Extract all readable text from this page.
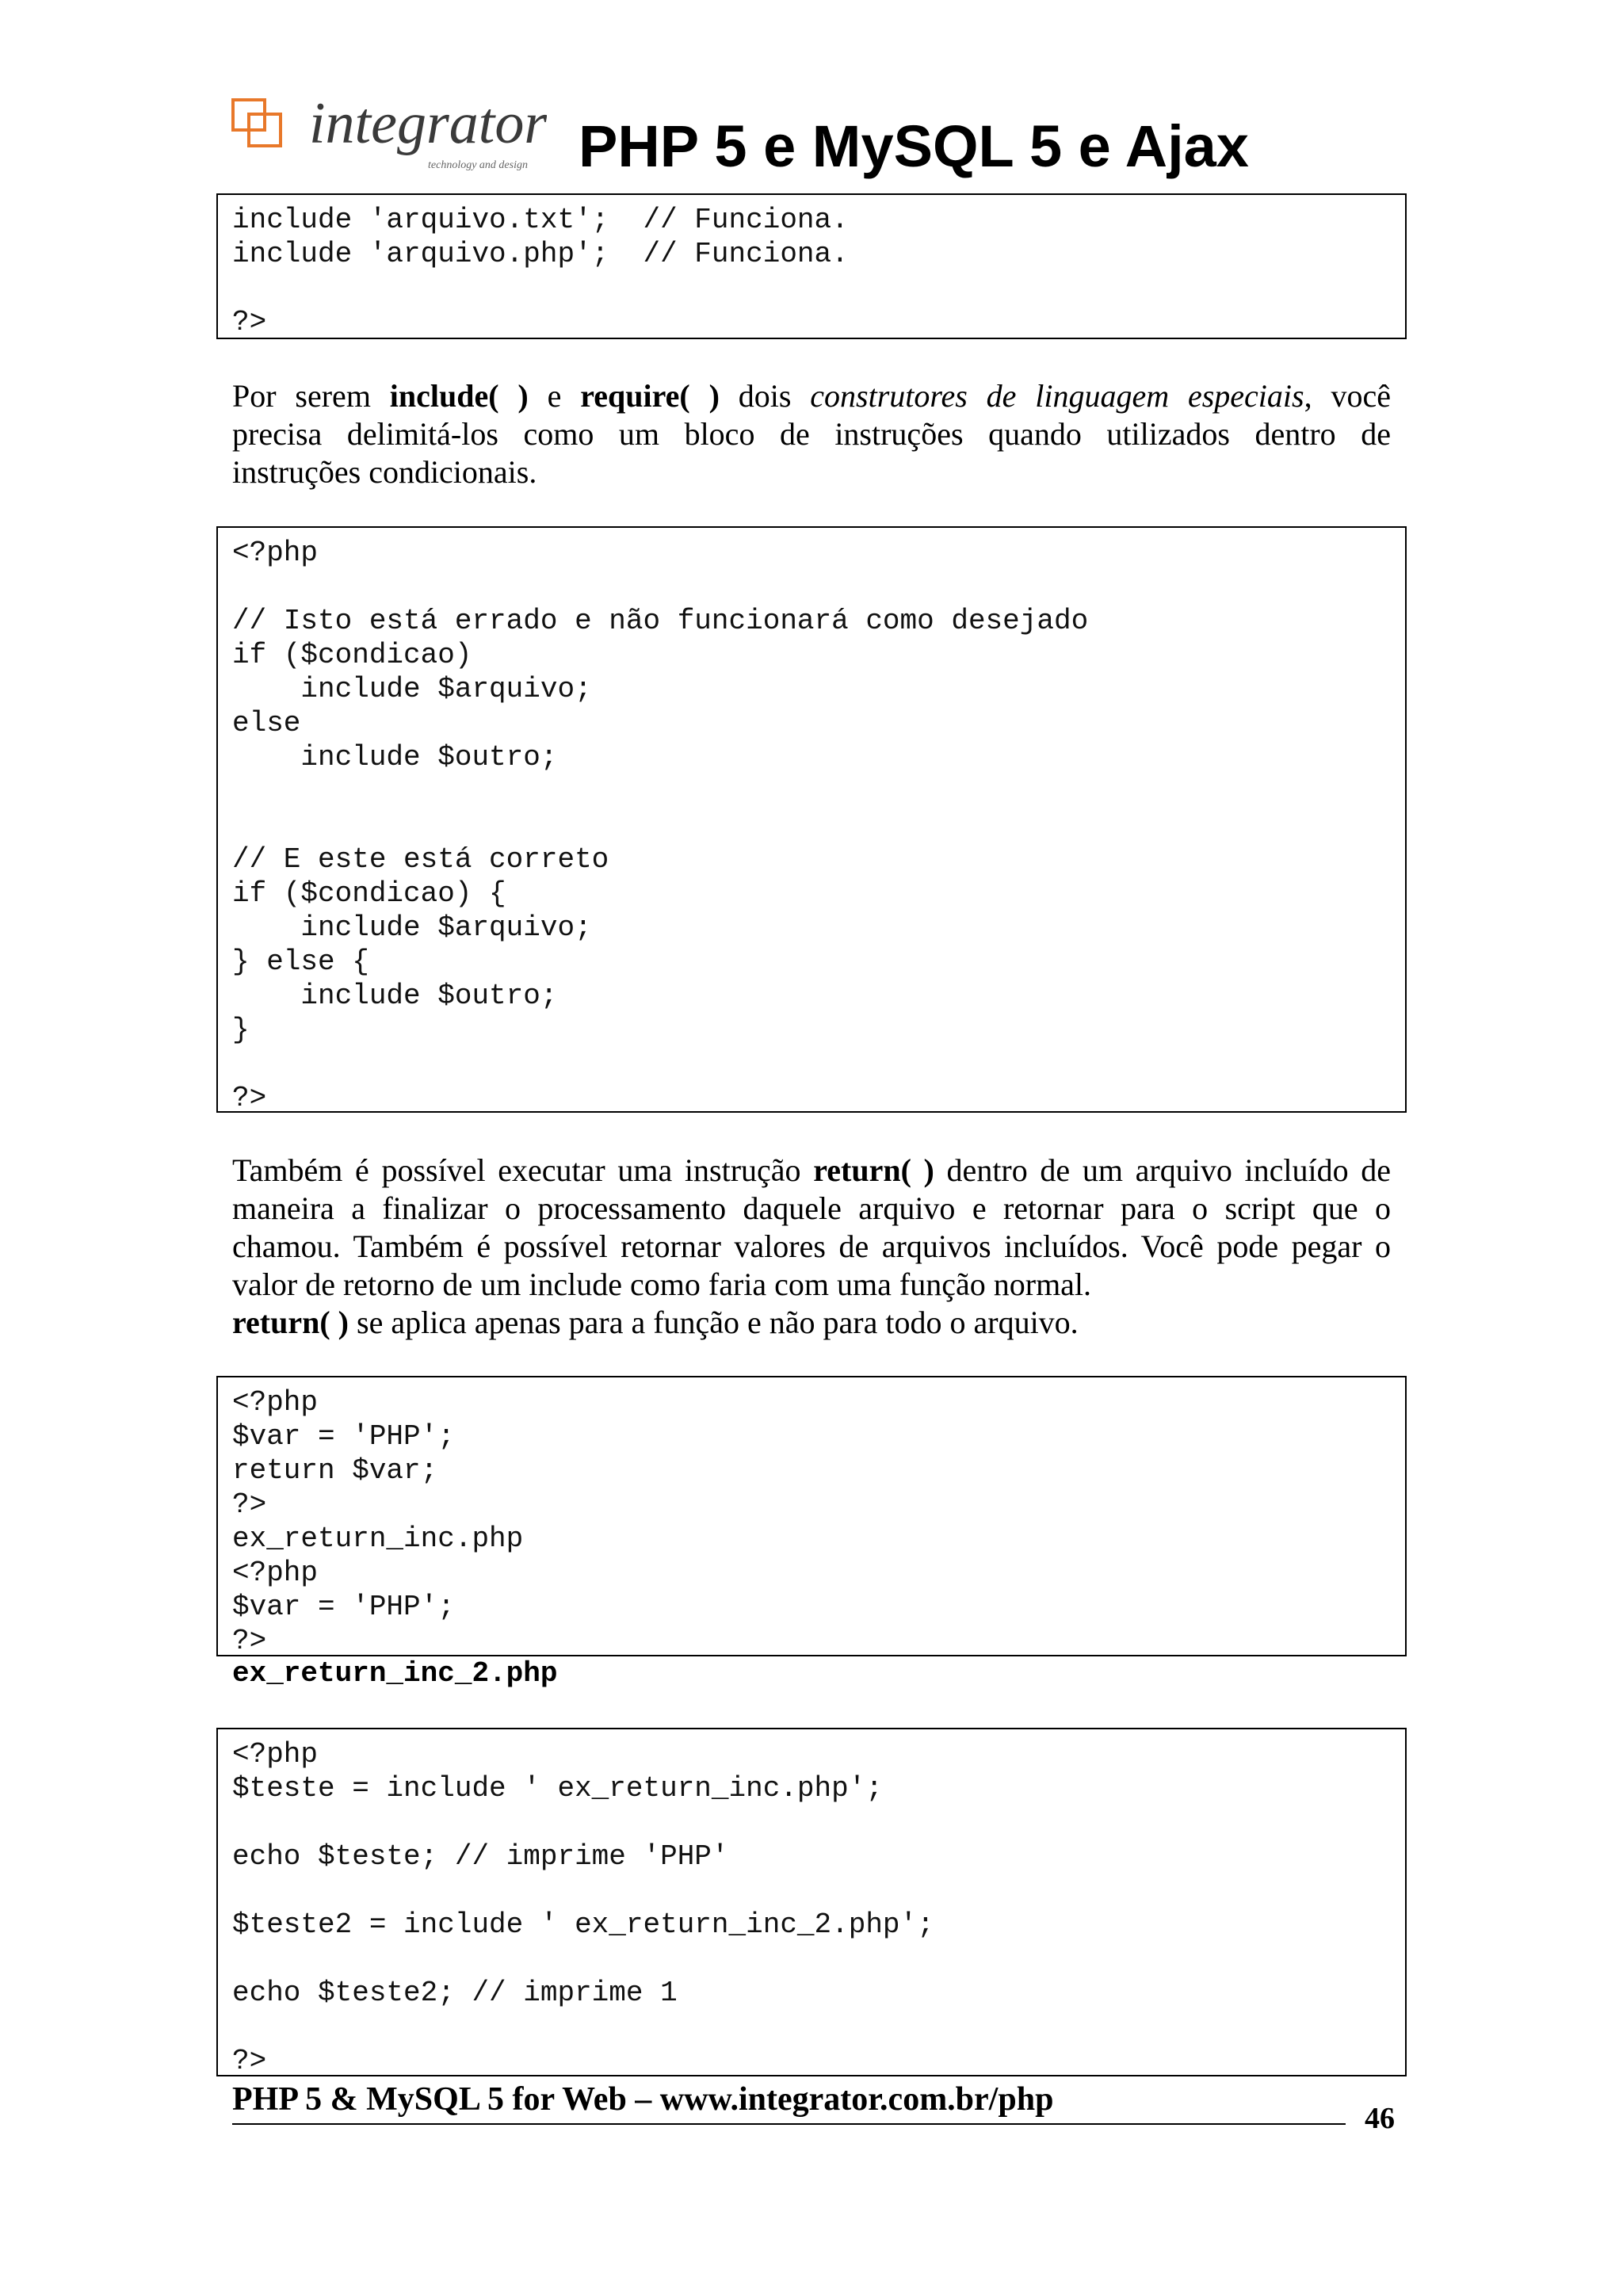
integrator
technology and design PHP 5 e MySQL 5 e Ajax
include 'arquivo.txt';  // Funciona.
include 'arquivo.php';  // Funciona.
?>
Por serem include( ) e require( ) dois construtores de linguagem especiais, você
precisa delimitá-los como um bloco de instruções quando utilizados dentro de
instruções condicionais.
<?php
// Isto está errado e não funcionará como desejado
if ($condicao)
include $arquivo;
else
include $outro;
// E este está correto
if ($condicao) {
include $arquivo;
} else {
include $outro;
}
?>
Também é possível executar uma instrução return( ) dentro de um arquivo incluído de
maneira a finalizar o processamento daquele arquivo e retornar para o script que o
chamou. Também é possível retornar valores de arquivos incluídos. Você pode pegar o
valor de retorno de um include como faria com uma função normal.
return( ) se aplica apenas para a função e não para todo o arquivo.
<?php
$var = 'PHP';
return $var;
?>
ex_return_inc.php
<?php
$var = 'PHP';
?>
ex_return_inc_2.php
<?php
$teste = include ' ex_return_inc.php';
echo $teste; // imprime 'PHP'
$teste2 = include ' ex_return_inc_2.php';
echo $teste2; // imprime 1
?>
PHP 5 & MySQL 5 for Web – www.integrator.com.br/php
46
